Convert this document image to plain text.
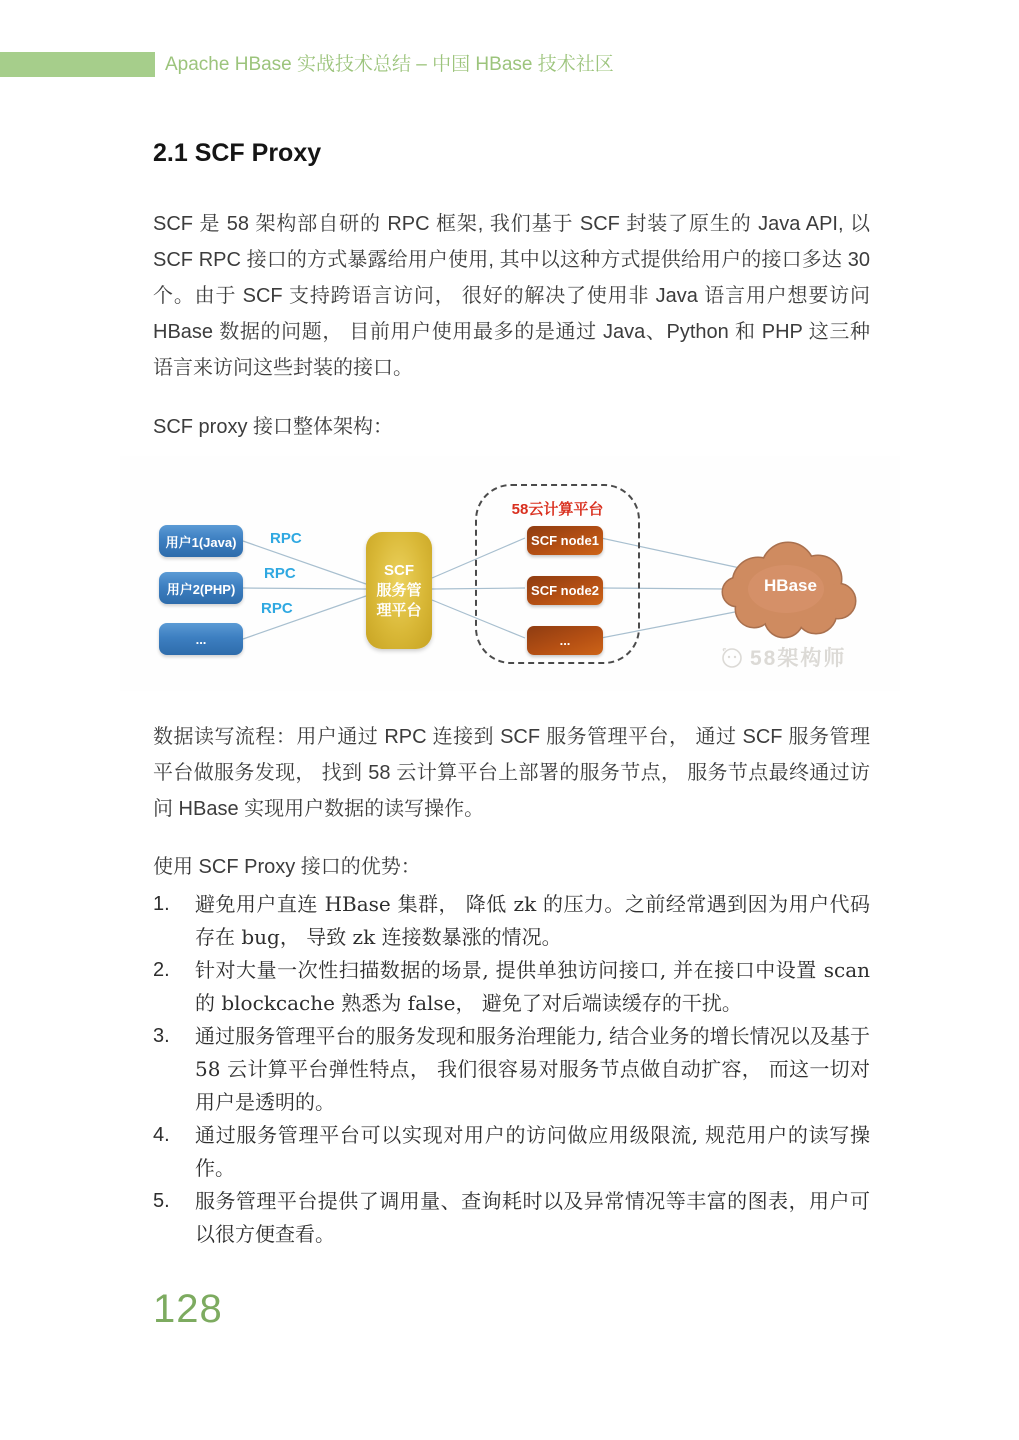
Apache HBase 实战技术总结 – 中国 HBase 技术社区
2.1 SCF Proxy

SCF 是 58 架构部自研的 RPC 框架, 我们基于 SCF 封装了原生的 Java API, 以 SCF RPC 接口的方式暴露给用户使用, 其中以这种方式提供给用户的接口多达 30 个。由于 SCF 支持跨语言访问， 很好的解决了使用非 Java 语言用户想要访问 HBase 数据的问题， 目前用户使用最多的是通过 Java、Python 和 PHP 这三种语言来访问这些封装的接口。

SCF proxy 接口整体架构：

用户1(Java)
用户2(PHP)
...
RPC
RPC
RPC
SCF
服务管
理平台
58云计算平台
SCF node1
SCF node2
...
HBase
58架构师

数据读写流程：用户通过 RPC 连接到 SCF 服务管理平台， 通过 SCF 服务管理平台做服务发现， 找到 58 云计算平台上部署的服务节点， 服务节点最终通过访问 HBase 实现用户数据的读写操作。

使用 SCF Proxy 接口的优势：

1.	避免用户直连 HBase 集群， 降低 zk 的压力。之前经常遇到因为用户代码存在 bug， 导致 zk 连接数暴涨的情况。
2.	针对大量一次性扫描数据的场景, 提供单独访问接口, 并在接口中设置 scan 的 blockcache 熟悉为 false， 避免了对后端读缓存的干扰。
3.	通过服务管理平台的服务发现和服务治理能力, 结合业务的增长情况以及基于 58 云计算平台弹性特点， 我们很容易对服务节点做自动扩容， 而这一切对用户是透明的。
4.	通过服务管理平台可以实现对用户的访问做应用级限流, 规范用户的读写操作。
5.	服务管理平台提供了调用量、查询耗时以及异常情况等丰富的图表，用户可以很方便查看。
128
